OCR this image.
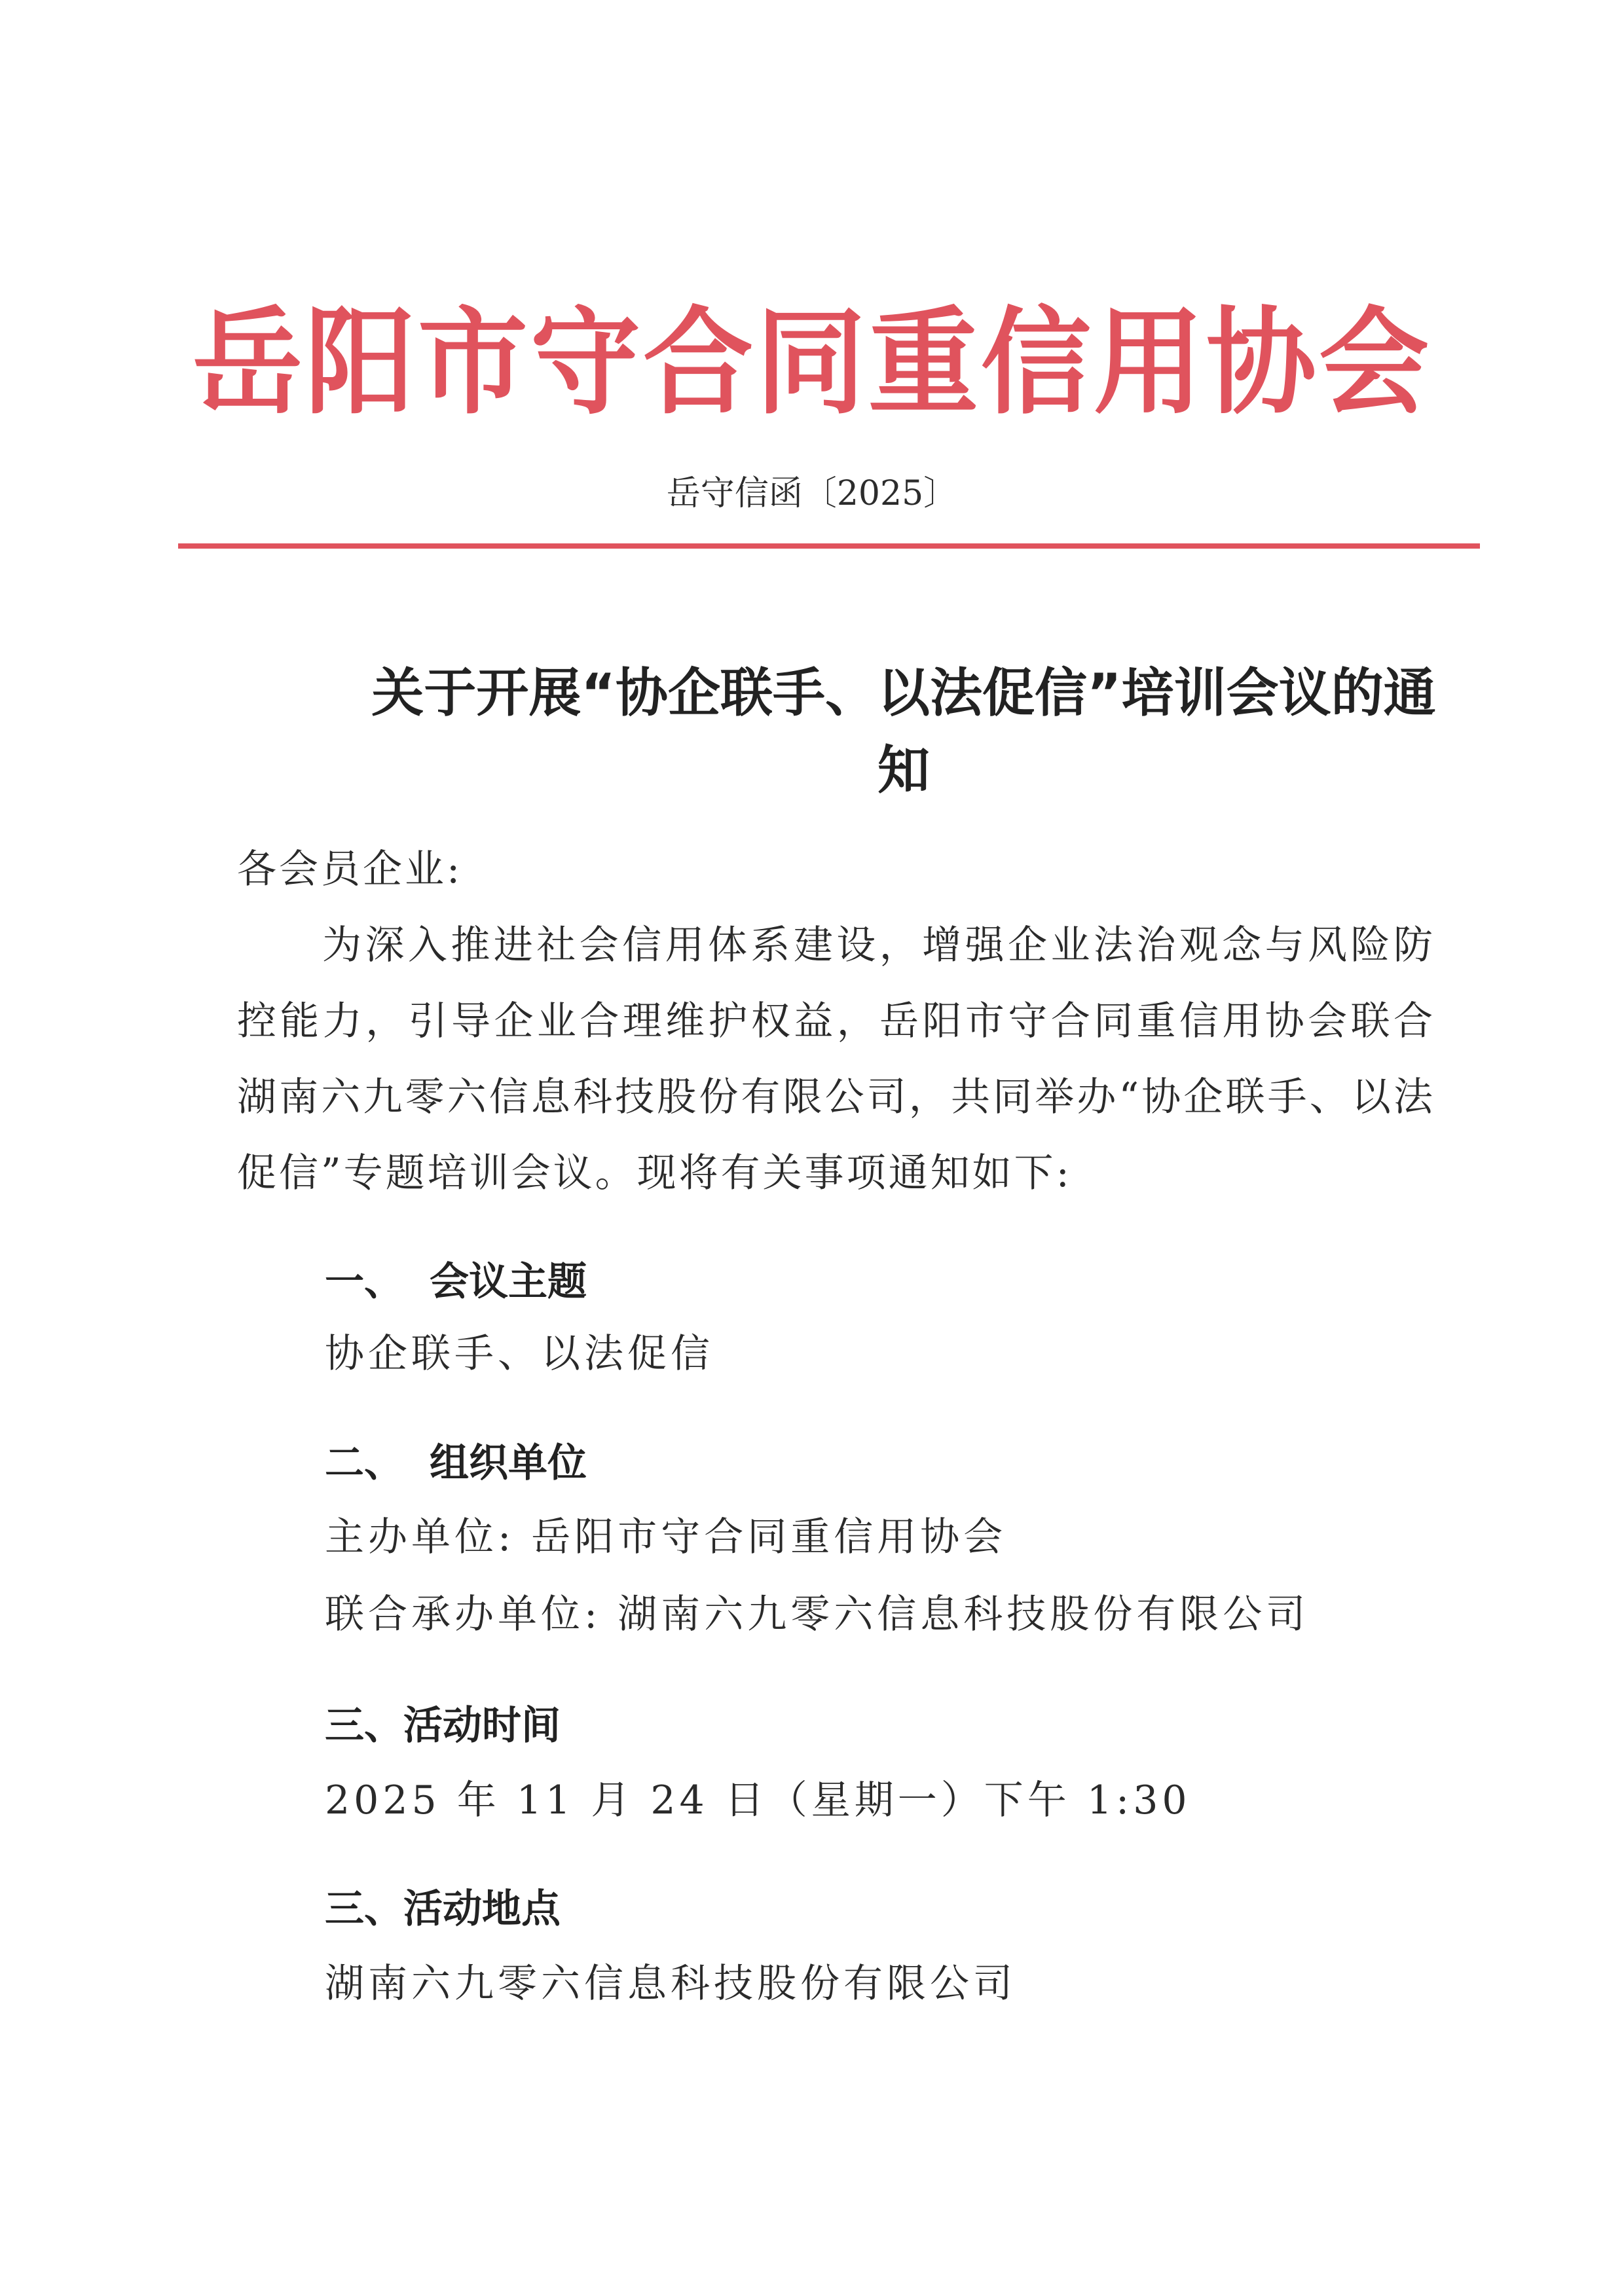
岳阳市守合同重信用协会
岳守信函〔2025〕
关于开展“协企联手、以法促信”培训会议的通知
各会员企业:
为深入推进社会信用体系建设，增强企业法治观念与风险防控能力，引导企业合理维护权益，岳阳市守合同重信用协会联合湖南六九零六信息科技股份有限公司，共同举办“协企联手、以法促信”专题培训会议。现将有关事项通知如下:
一、 会议主题
协企联手、以法促信
二、 组织单位
主办单位: 岳阳市守合同重信用协会
联合承办单位: 湖南六九零六信息科技股份有限公司
三、活动时间
2025 年 11 月 24 日（星期一）下午 1:30
三、活动地点
湖南六九零六信息科技股份有限公司
